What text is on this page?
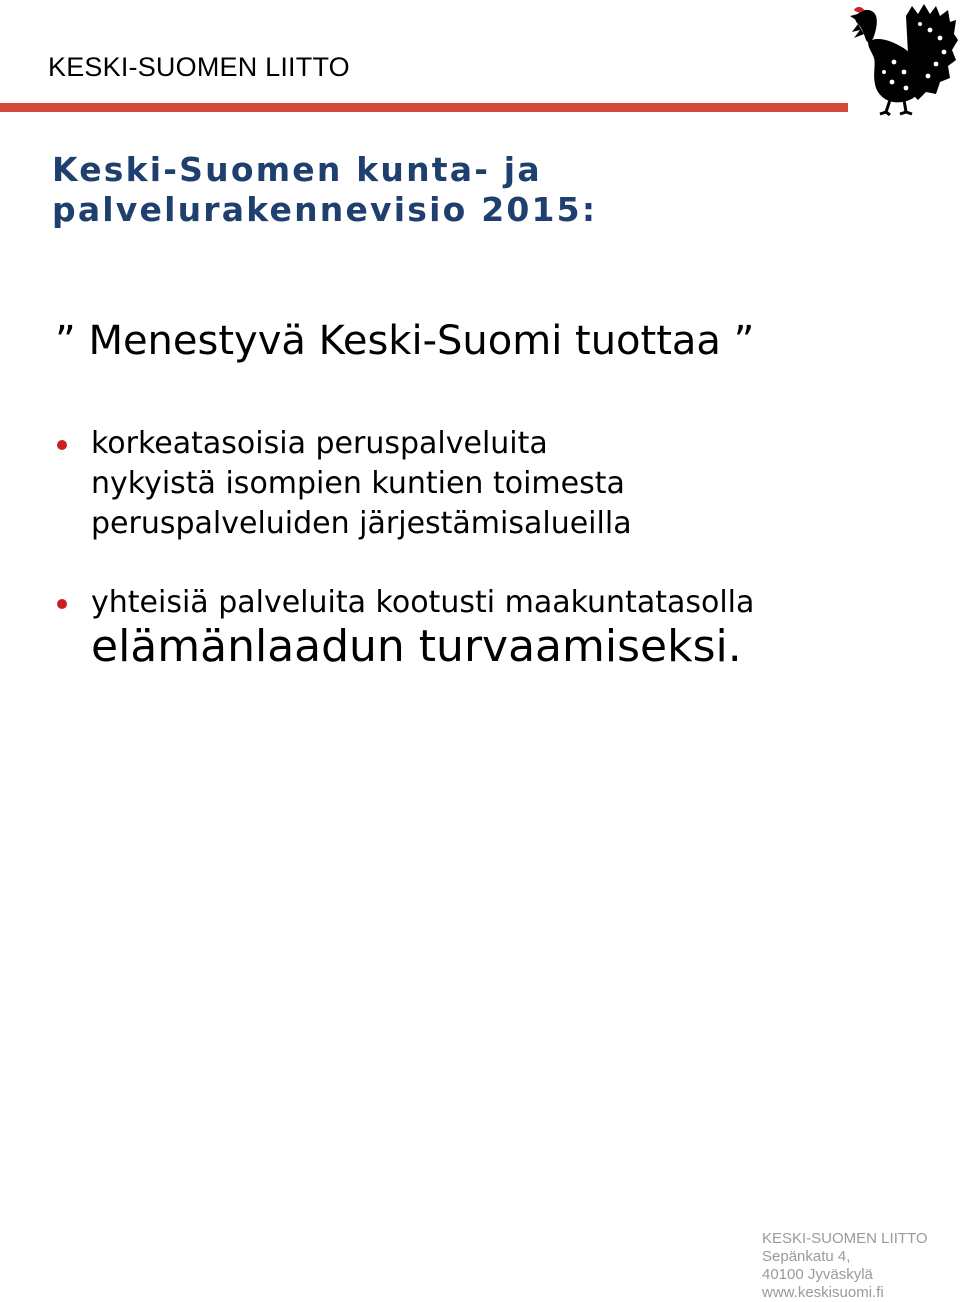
KESKI-SUOMEN LIITTO
Keski-Suomen kunta- ja
palvelurakennevisio 2015:
” Menestyvä Keski-Suomi tuottaa ”
korkeatasoisia peruspalveluita
nykyistä isompien kuntien toimesta
peruspalveluiden järjestämisalueilla
yhteisiä palveluita kootusti maakuntatasolla
elämänlaadun turvaamiseksi.
KESKI-SUOMEN LIITTO
Sepänkatu 4,
40100 Jyväskylä
www.keskisuomi.fi
